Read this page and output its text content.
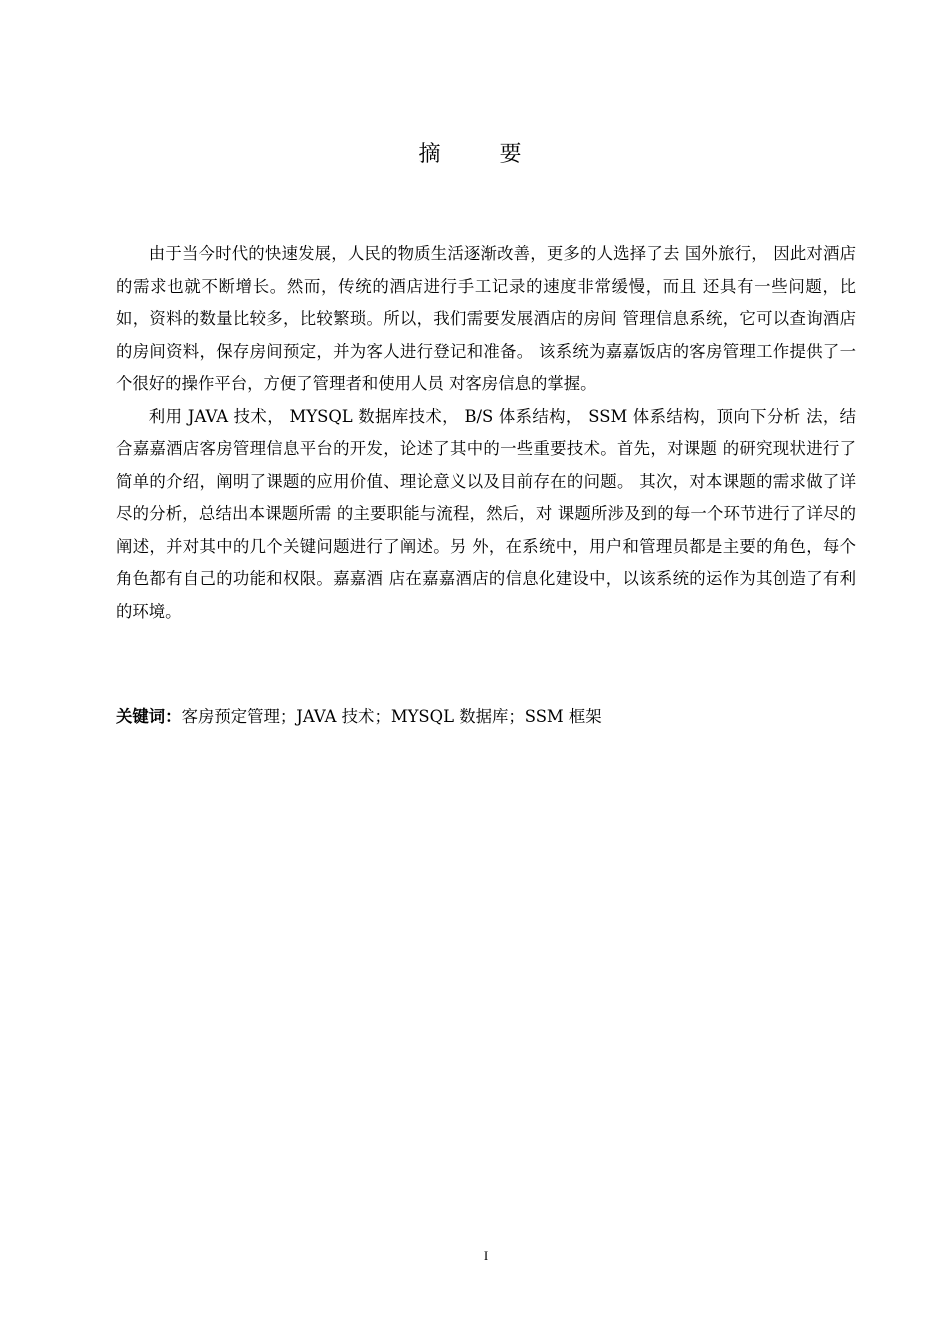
摘 要

由于当今时代的快速发展，人民的物质生活逐渐改善，更多的人选择了去 国外旅行， 因此对酒店的需求也就不断增长。然而，传统的酒店进行手工记录的速度非常缓慢，而且 还具有一些问题，比如，资料的数量比较多，比较繁琐。所以，我们需要发展酒店的房间 管理信息系统，它可以查询酒店的房间资料，保存房间预定，并为客人进行登记和准备。 该系统为嘉嘉饭店的客房管理工作提供了一个很好的操作平台，方便了管理者和使用人员 对客房信息的掌握。

利用 JAVA 技术， MYSQL 数据库技术， B/S 体系结构， SSM 体系结构，顶向下分析 法，结合嘉嘉酒店客房管理信息平台的开发，论述了其中的一些重要技术。首先，对课题 的研究现状进行了简单的介绍，阐明了课题的应用价值、理论意义以及目前存在的问题。 其次，对本课题的需求做了详尽的分析，总结出本课题所需 的主要职能与流程，然后，对 课题所涉及到的每一个环节进行了详尽的阐述，并对其中的几个关键问题进行了阐述。另 外，在系统中，用户和管理员都是主要的角色，每个角色都有自己的功能和权限。嘉嘉酒 店在嘉嘉酒店的信息化建设中，以该系统的运作为其创造了有利的环境。

关键词：客房预定管理；JAVA 技术；MYSQL 数据库；SSM 框架
I
